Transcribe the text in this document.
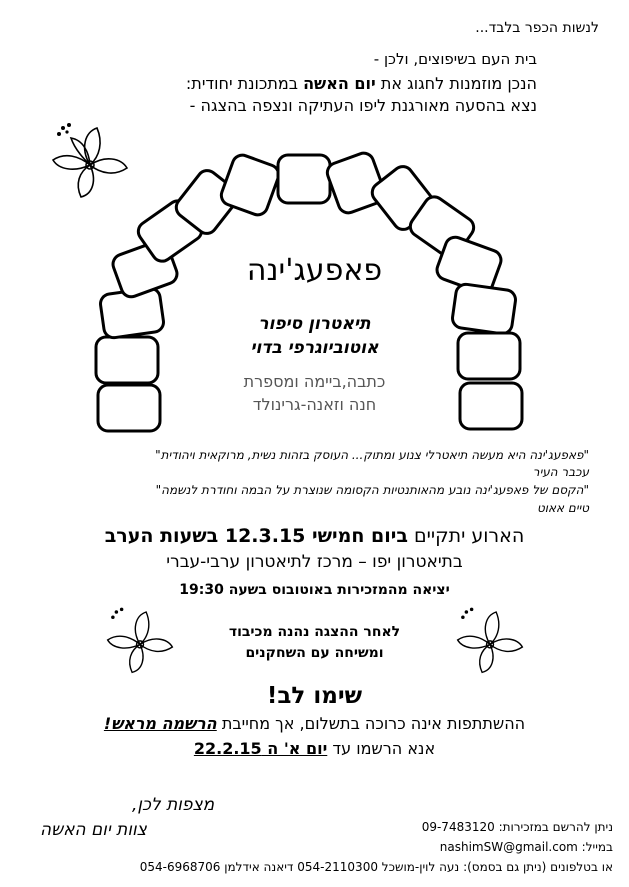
לנשות הכפר בלבד...
בית העם בשיפוצים, ולכן -
הנכן מוזמנות לחגוג את יום האשה במתכונת יחודית:
נצא בהסעה מאורגנת ליפו העתיקה ונצפה בהצגה -
פאפעג'ינה
תיאטרון סיפור
אוטוביוגרפי בדוי
כתבה,ביימה ומספרת
חנה וזאנה-גרינולד
"פאפעג'ינה היא מעשה תיאטרלי צנוע ומתוק... העוסק בזהות נשית, מרוקאית ויהודית"
עכבר העיר
"הקסם של פאפעג'ינה נובע מהאותנטיות הקסומה שנוצרת על הבמה וחודרת לנשמה"
טיים אאוט
הארוע יתקיים ביום חמישי 12.3.15 בשעות הערב
בתיאטרון יפו – מרכז לתיאטרון ערבי-עברי
יציאה מהמזכירות באוטובוס בשעה 19:30
לאחר ההצגה נהנה מכיבוד
ומשיחה עם השחקנים
שימו לב!
ההשתתפות אינה כרוכה בתשלום, אך מחייבת הרשמה מראש!
אנא הרשמו עד יום א' ה 22.2.15
מצפות לכן,
צוות יום האשה	ניתן להרשם במזכירות: 09-7483120
במייל: nashimSW@gmail.com
או בטלפונים (ניתן גם בסמס): נעה לוין-מושכל 054-2110300 דיאנה אידלמן 054-6968706
